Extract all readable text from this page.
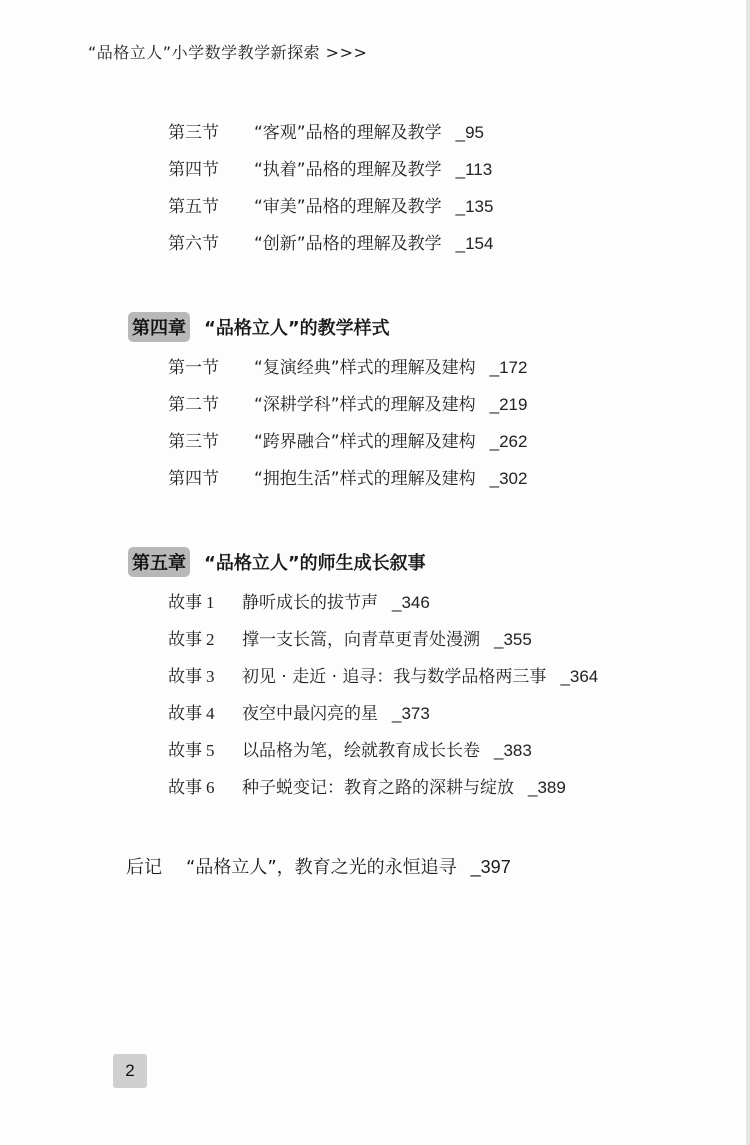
“品格立人”小学数学教学新探索 >>>
第三节 “客观”品格的理解及教学 _95
第四节 “执着”品格的理解及教学 _113
第五节 “审美”品格的理解及教学 _135
第六节 “创新”品格的理解及教学 _154
第四章 “品格立人”的教学样式
第一节 “复演经典”样式的理解及建构 _172
第二节 “深耕学科”样式的理解及建构 _219
第三节 “跨界融合”样式的理解及建构 _262
第四节 “拥抱生活”样式的理解及建构 _302
第五章 “品格立人”的师生成长叙事
故事 1 静听成长的拔节声 _346
故事 2 撑一支长篙，向青草更青处漫溯 _355
故事 3 初见 · 走近 · 追寻：我与数学品格两三事 _364
故事 4 夜空中最闪亮的星 _373
故事 5 以品格为笔，绘就教育成长长卷 _383
故事 6 种子蜕变记：教育之路的深耕与绽放 _389
后记 “品格立人”，教育之光的永恒追寻 _397
2
